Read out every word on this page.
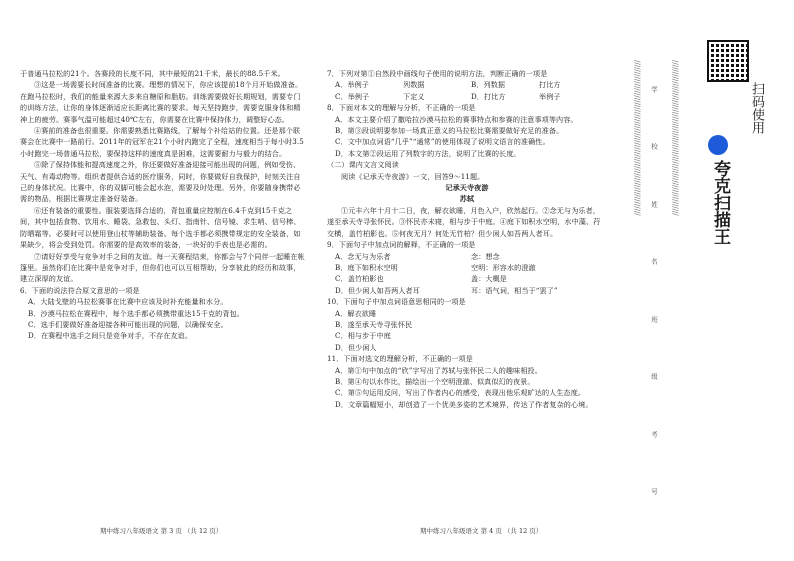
于普通马拉松的21个。各赛段的长度不同，其中最短的21千米，最长的88.5千米。

③这是一场需要长时间准备的比赛。理想的情况下，你应该提前18个月开始做准备。在跑马拉松时，我们的能量来源大多来自糖原和脂肪。训练需要做好长期规划，需要专门的训练方法，让你的身体逐渐适应长距离比赛的要求。每天坚持跑步，需要克服身体和精神上的疲劳。赛事气温可能超过40℃左右，你需要在比赛中保持体力，调整好心态。

④赛前的准备也很重要。你需要熟悉比赛路线，了解每个补给站的位置。还是那个联赛会在比赛中一路前行。2011年的冠军在21个小时内跑完了全程，速度相当于每小时3.5小时跑完一场普通马拉松，要保持这样的速度真是困难，这需要耐力与毅力的结合。

⑤除了保持体能和提高速度之外，你还要做好准备迎接可能出现的问题，例如受伤、天气、有毒动物等。组织者提供合适的医疗服务，同时，你要做好自我保护，时刻关注自己的身体状况。比赛中，你的双脚可能会起水泡，需要及时处理。另外，你要随身携带必需的物品，根据比赛规定准备好装备。

⑥还有装备的重要性。服装要选择合适的，背包重量应控制在6.4千克到15千克之间，其中包括食物、饮用水、睡袋、急救包、头灯、指南针、信号镜、求生哨、信号棒、防晒霜等。必要时可以使用登山杖等辅助装备。每个选手都必须携带规定的安全装备，如果缺少，将会受到处罚。你需要的是高效率的装备，一块好的手表也是必需的。

⑦请好好享受与竞争对手之间的友谊。每一天赛程结束，你都会与7个同伴一起睡在帐篷里。虽然你们在比赛中是竞争对手，但你们也可以互相帮助，分享彼此的经历和故事，建立深厚的友谊。

6．下面的说法符合原文意思的一项是

A．大陆戈壁的马拉松赛事在比赛中应该及时补充能量和水分。

B．沙漠马拉松在赛程中，每个选手都必须携带重达15千克的背包。

C．选手们要做好准备迎接各种可能出现的问题，以确保安全。

D．在赛程中选手之间只是竞争对手，不存在友谊。

期中练习八年级语文 第 3 页 （共 12 页）

7．下列对第①自然段中画线句子使用的说明方法，判断正确的一项是

A．举例子	列数据	B．列数据	打比方
C．举例子	下定义	D．打比方	举例子

8．下面对本文的理解与分析，不正确的一项是

A．本文主要介绍了撒哈拉沙漠马拉松的赛事特点和参赛的注意事项等内容。

B．第③段说明要参加一场真正意义的马拉松比赛需要做好充足的准备。

C．文中加点词语“几乎”“通常”的使用体现了说明文语言的准确性。

D．本文第②段运用了列数字的方法，说明了比赛的长度。

（二）课内文言文阅读

阅读《记承天寺夜游》一文，回答9～11题。

记承天寺夜游

苏轼

①元丰六年十月十二日，夜，解衣欲睡，月色入户，欣然起行。②念无与为乐者，遂至承天寺寻张怀民。③怀民亦未寝，相与步于中庭。④庭下如积水空明，水中藻、荇交横，盖竹柏影也。⑤何夜无月？何处无竹柏？但少闲人如吾两人者耳。

9．下面句子中加点词的解释，不正确的一项是

A．念无与为乐者	念：想念
B．庭下如积水空明	空明：形容水的澄澈
C．盖竹柏影也	盖：大概是
D．但少闲人如吾两人者耳	耳：语气词，相当于“罢了”

10．下面句子中加点词语意思相同的一项是

A．解衣欲睡

B．遂至承天寺寻张怀民

C．相与步于中庭

D．但少闲人

11．下面对选文的理解分析，不正确的一项是

A．第①句中加点的“欣”字写出了苏轼与张怀民二人的趣味相投。

B．第④句以水作比，描绘出一个空明澄澈、似真似幻的夜景。

C．第⑤句运用反问，写出了作者内心的感受，表现出他乐观旷达的人生态度。

D．文章篇幅短小，却创造了一个优美多姿的艺术境界，传达了作者复杂的心境。

期中练习八年级语文 第 4 页 （共 12 页）
//////////////////////////////////////////////////////////////////	//////////////////////////////////////////////////////////////////
学
校
姓
名
班
级
考
号
扫码使用
夸克扫描王
